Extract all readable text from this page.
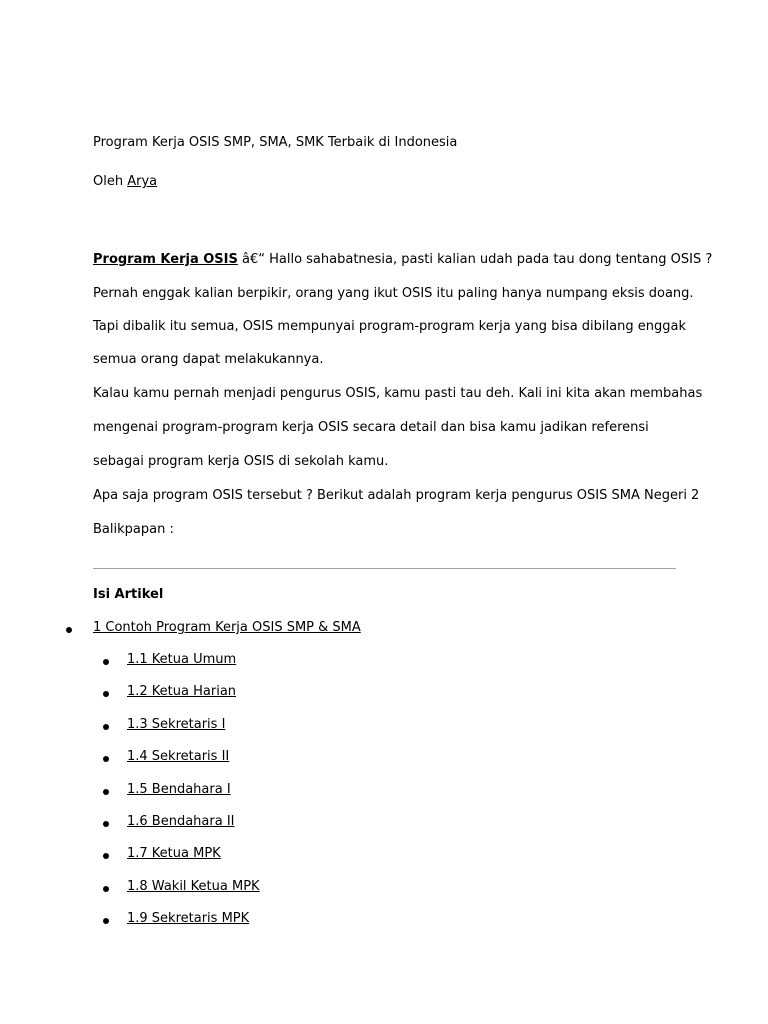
Program Kerja OSIS SMP, SMA, SMK Terbaik di Indonesia
Oleh Arya
Program Kerja OSIS â€“ Hallo sahabatnesia, pasti kalian udah pada tau dong tentang OSIS ?
Pernah enggak kalian berpikir, orang yang ikut OSIS itu paling hanya numpang eksis doang.
Tapi dibalik itu semua, OSIS mempunyai program-program kerja yang bisa dibilang enggak
semua orang dapat melakukannya.
Kalau kamu pernah menjadi pengurus OSIS, kamu pasti tau deh. Kali ini kita akan membahas
mengenai program-program kerja OSIS secara detail dan bisa kamu jadikan referensi
sebagai program kerja OSIS di sekolah kamu.
Apa saja program OSIS tersebut ? Berikut adalah program kerja pengurus OSIS SMA Negeri 2
Balikpapan :
Isi Artikel
1 Contoh Program Kerja OSIS SMP & SMA
1.1 Ketua Umum
1.2 Ketua Harian
1.3 Sekretaris I
1.4 Sekretaris II
1.5 Bendahara I
1.6 Bendahara II
1.7 Ketua MPK
1.8 Wakil Ketua MPK
1.9 Sekretaris MPK
